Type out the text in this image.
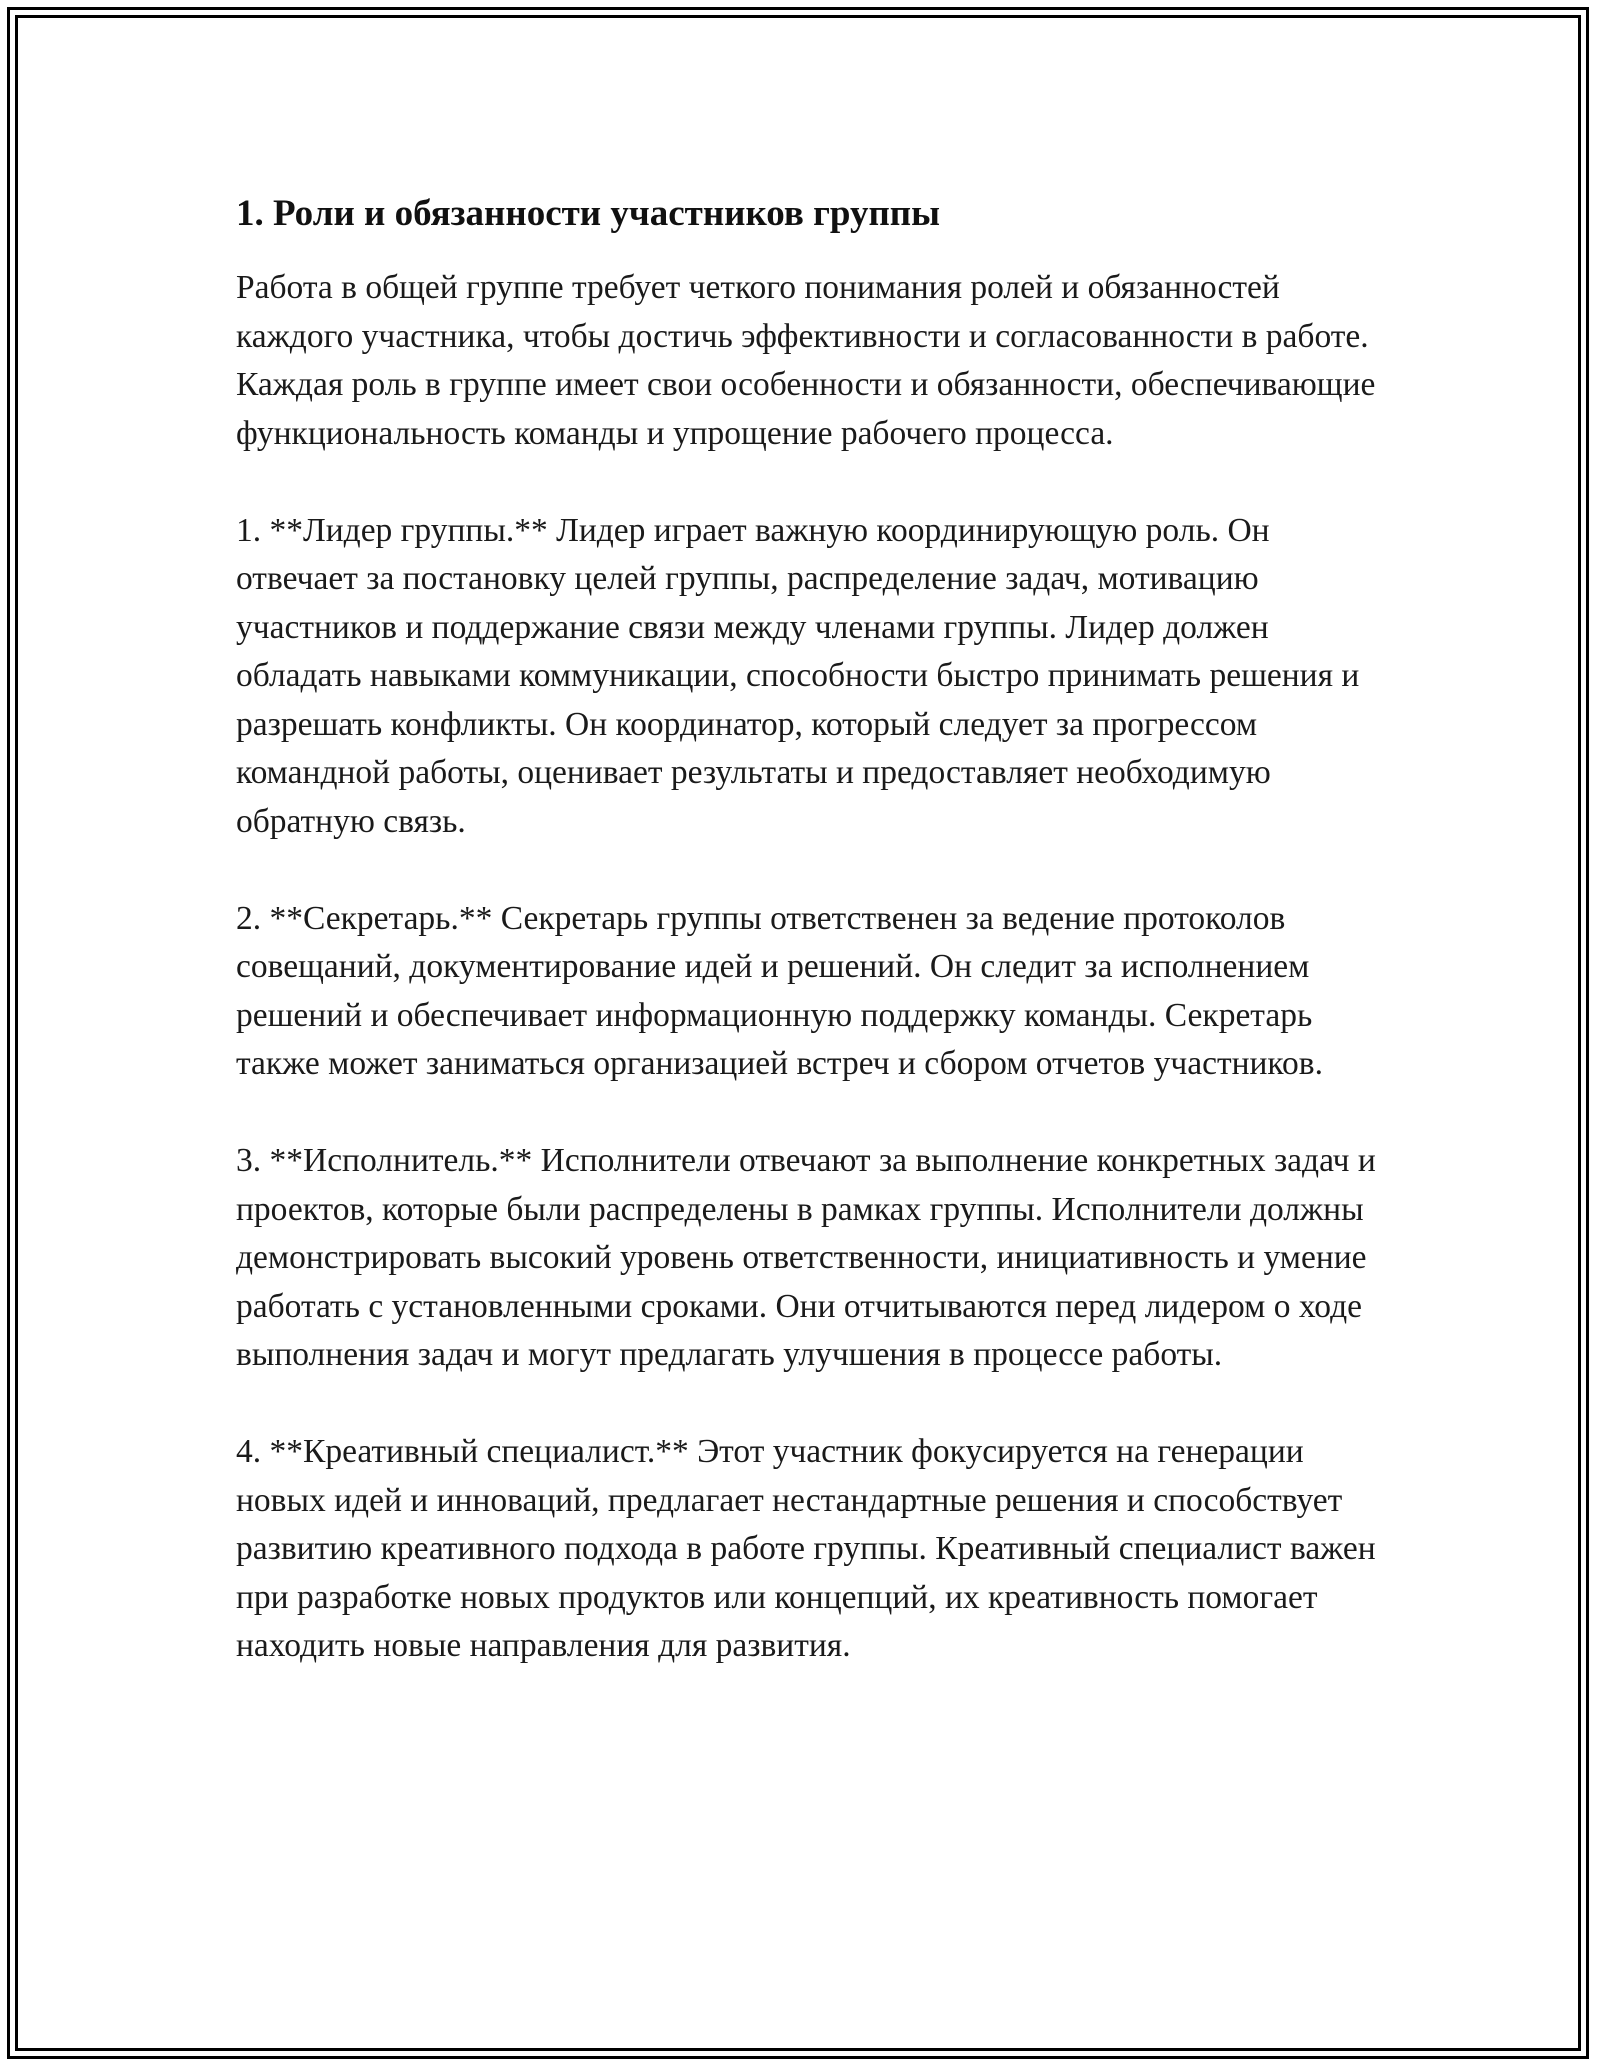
1. Роли и обязанности участников группы

Работа в общей группе требует четкого понимания ролей и обязанностей каждого участника, чтобы достичь эффективности и согласованности в работе. Каждая роль в группе имеет свои особенности и обязанности, обеспечивающие функциональность команды и упрощение рабочего процесса.

1. **Лидер группы.** Лидер играет важную координирующую роль. Он отвечает за постановку целей группы, распределение задач, мотивацию участников и поддержание связи между членами группы. Лидер должен обладать навыками коммуникации, способности быстро принимать решения и разрешать конфликты. Он координатор, который следует за прогрессом командной работы, оценивает результаты и предоставляет необходимую обратную связь.

2. **Секретарь.** Секретарь группы ответственен за ведение протоколов совещаний, документирование идей и решений. Он следит за исполнением решений и обеспечивает информационную поддержку команды. Секретарь также может заниматься организацией встреч и сбором отчетов участников.

3. **Исполнитель.** Исполнители отвечают за выполнение конкретных задач и проектов, которые были распределены в рамках группы. Исполнители должны демонстрировать высокий уровень ответственности, инициативность и умение работать с установленными сроками. Они отчитываются перед лидером о ходе выполнения задач и могут предлагать улучшения в процессе работы.

4. **Креативный специалист.** Этот участник фокусируется на генерации новых идей и инноваций, предлагает нестандартные решения и способствует развитию креативного подхода в работе группы. Креативный специалист важен при разработке новых продуктов или концепций, их креативность помогает находить новые направления для развития.
